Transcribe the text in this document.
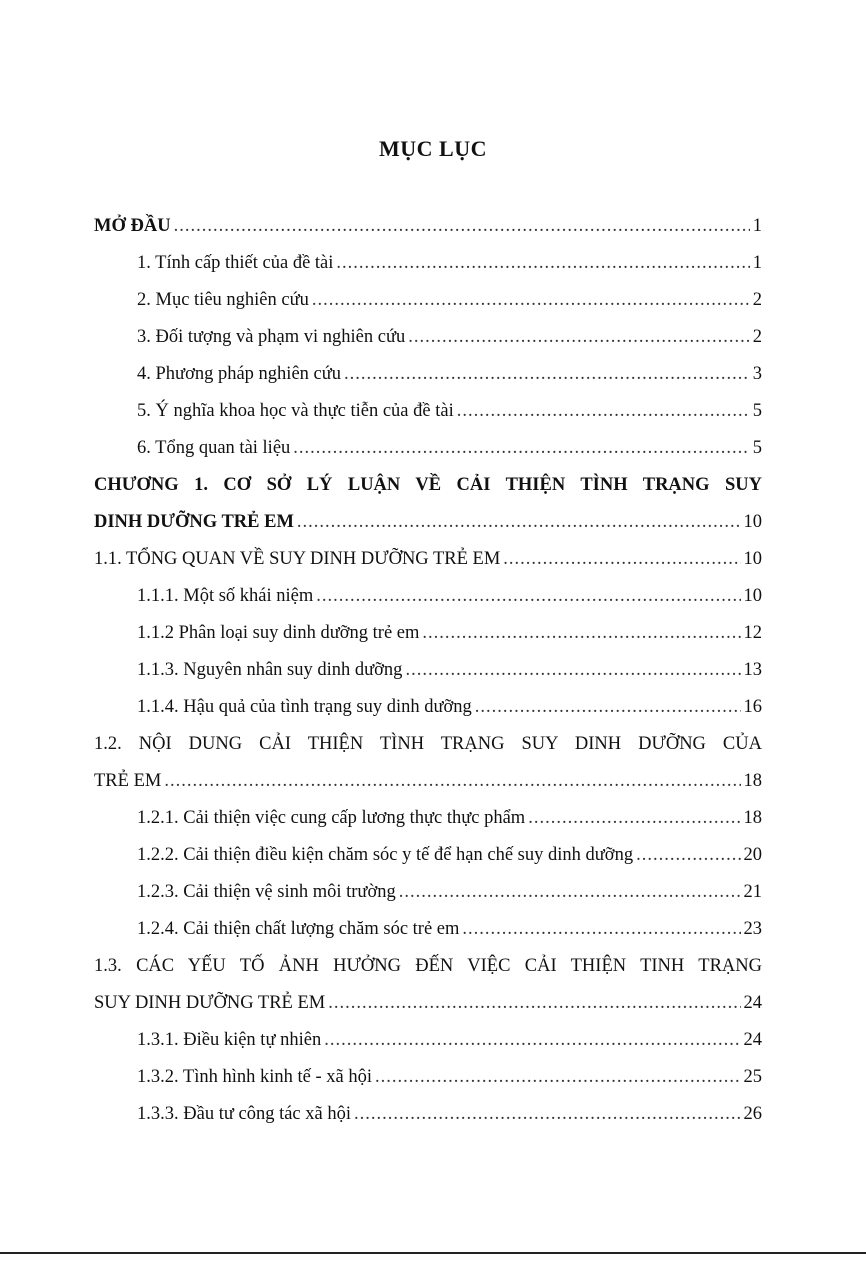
MỤC LỤC
MỞ ĐẦU .....	1
1. Tính cấp thiết của đề tài .....	1
2. Mục tiêu nghiên cứu .....	2
3. Đối tượng và phạm vi nghiên cứu .....	2
4. Phương pháp nghiên cứu .....	3
5. Ý nghĩa khoa học và thực tiễn của đề tài .....	5
6. Tổng quan tài liệu .....	5
CHƯƠNG 1. CƠ SỞ LÝ LUẬN VỀ CẢI THIỆN TÌNH TRẠNG SUY
DINH DƯỠNG TRẺ EM .....	10
1.1. TỔNG QUAN VỀ SUY DINH DƯỠNG TRẺ EM .....	10
1.1.1. Một số khái niệm .....	10
1.1.2 Phân loại suy dinh dưỡng trẻ em .....	12
1.1.3. Nguyên nhân suy dinh dưỡng .....	13
1.1.4. Hậu quả của tình trạng suy dinh dưỡng .....	16
1.2. NỘI DUNG CẢI THIỆN TÌNH TRẠNG SUY DINH DƯỠNG CỦA
TRẺ EM .....	18
1.2.1. Cải thiện việc cung cấp lương thực thực phẩm .....	18
1.2.2. Cải thiện điều kiện chăm sóc y tế để hạn chế suy dinh dưỡng .....	20
1.2.3. Cải thiện vệ sinh môi trường .....	21
1.2.4. Cải thiện chất lượng chăm sóc trẻ em .....	23
1.3. CÁC YẾU TỐ ẢNH HƯỞNG ĐẾN VIỆC CẢI THIỆN TINH TRẠNG
SUY DINH DƯỠNG TRẺ EM .....	24
1.3.1. Điều kiện tự nhiên .....	24
1.3.2. Tình hình kinh tế - xã hội .....	25
1.3.3. Đầu tư công tác xã hội .....	26
